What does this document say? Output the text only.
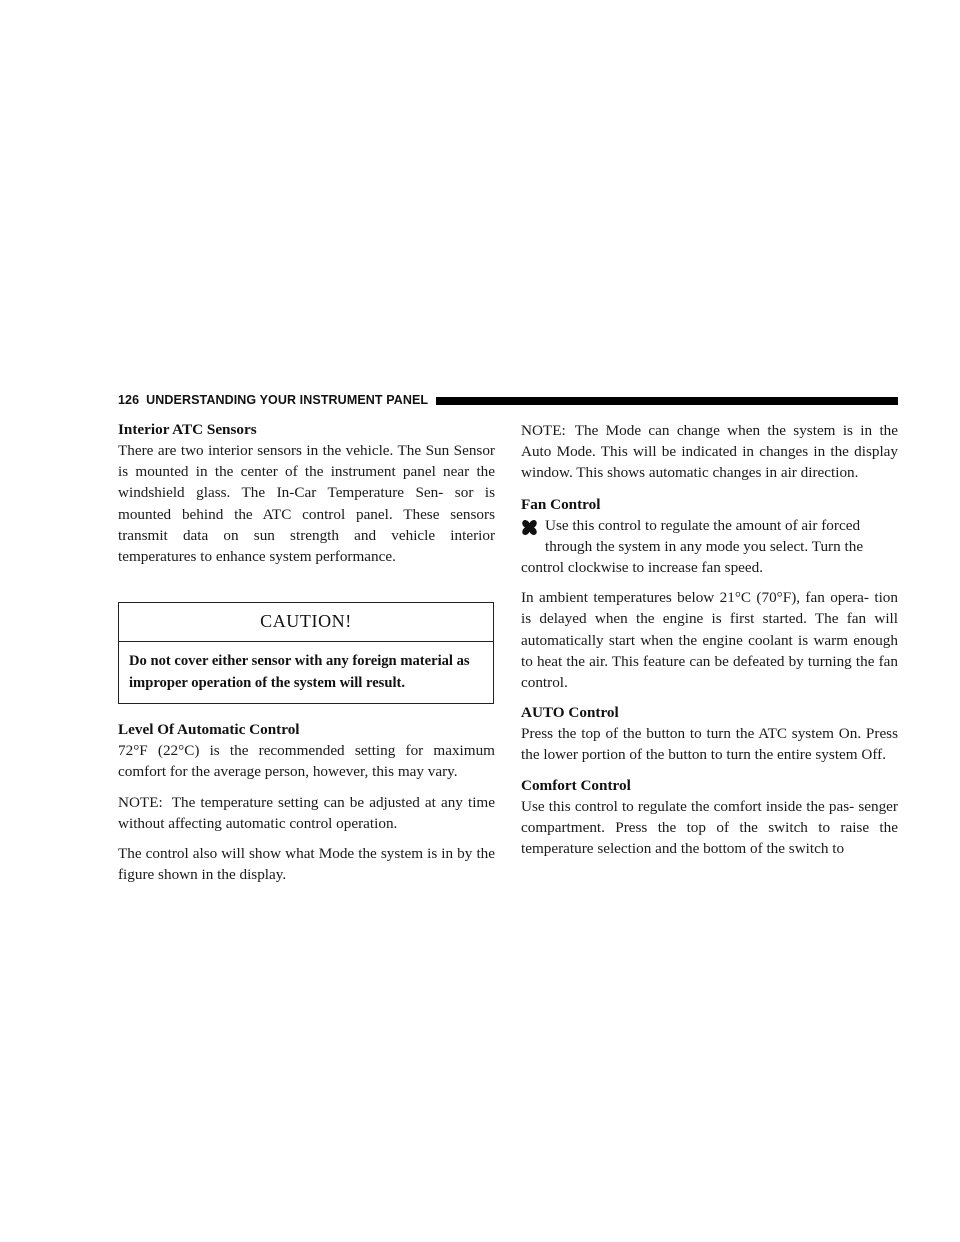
126 UNDERSTANDING YOUR INSTRUMENT PANEL
Interior ATC Sensors

There are two interior sensors in the vehicle. The Sun Sensor is mounted in the center of the instrument panel near the windshield glass. The In-Car Temperature Sen- sor is mounted behind the ATC control panel. These sensors transmit data on sun strength and vehicle interior temperatures to enhance system performance.

CAUTION!
Do not cover either sensor with any foreign material as improper operation of the system will result.
Level Of Automatic Control

72°F (22°C) is the recommended setting for maximum comfort for the average person, however, this may vary.

NOTE: The temperature setting can be adjusted at any time without affecting automatic control operation.

The control also will show what Mode the system is in by the figure shown in the display.

NOTE: The Mode can change when the system is in the Auto Mode. This will be indicated in changes in the display window. This shows automatic changes in air direction.

Fan Control

Use this control to regulate the amount of air forced

through the system in any mode you select. Turn the

control clockwise to increase fan speed.

In ambient temperatures below 21°C (70°F), fan opera- tion is delayed when the engine is first started. The fan will automatically start when the engine coolant is warm enough to heat the air. This feature can be defeated by turning the fan control.

AUTO Control

Press the top of the button to turn the ATC system On. Press the lower portion of the button to turn the entire system Off.

Comfort Control

Use this control to regulate the comfort inside the pas- senger compartment. Press the top of the switch to raise the temperature selection and the bottom of the switch to
